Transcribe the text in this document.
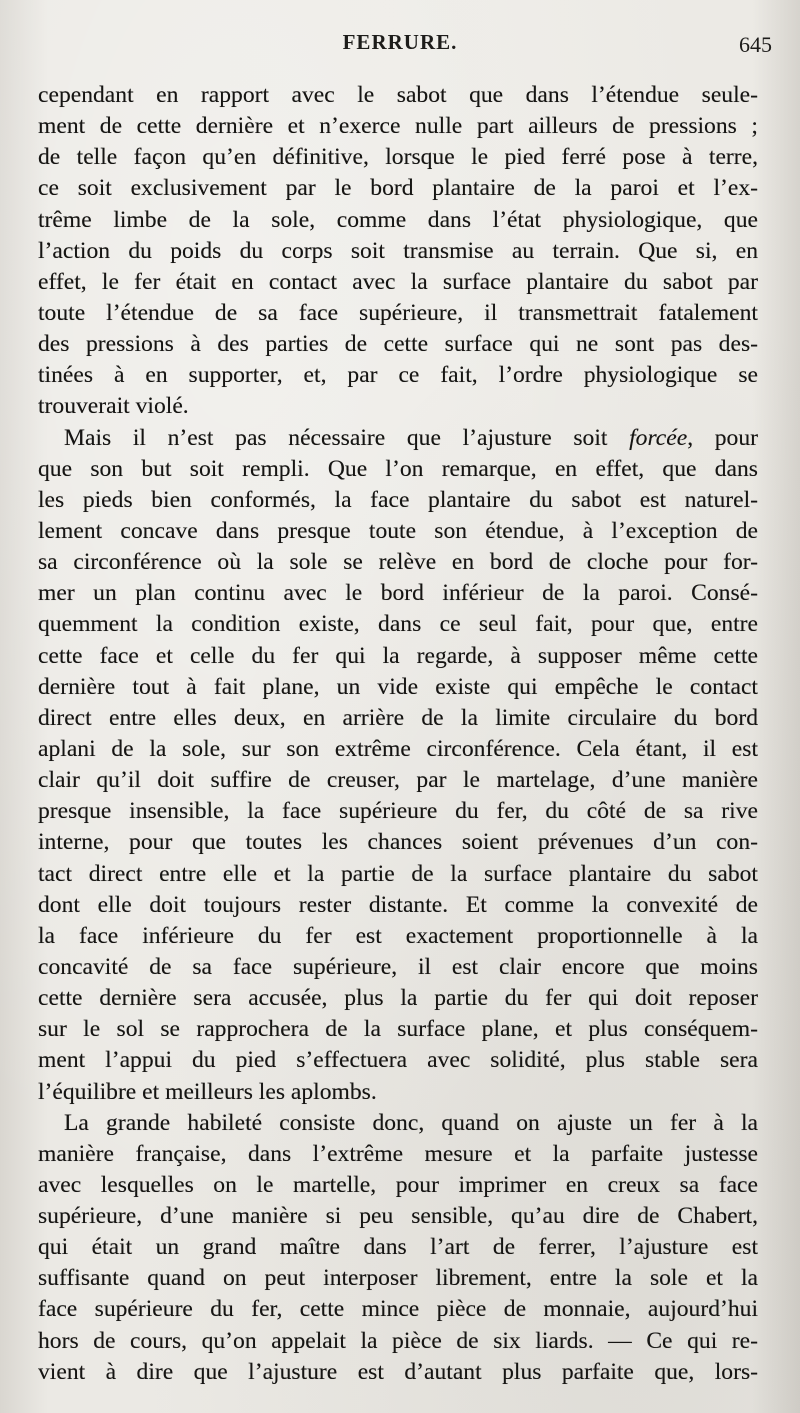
FERRURE.	645
cependant en rapport avec le sabot que dans l’étendue seule-
ment de cette dernière et n’exerce nulle part ailleurs de pressions ;
de telle façon qu’en définitive, lorsque le pied ferré pose à terre,
ce soit exclusivement par le bord plantaire de la paroi et l’ex-
trême limbe de la sole, comme dans l’état physiologique, que
l’action du poids du corps soit transmise au terrain. Que si, en
effet, le fer était en contact avec la surface plantaire du sabot par
toute l’étendue de sa face supérieure, il transmettrait fatalement
des pressions à des parties de cette surface qui ne sont pas des-
tinées à en supporter, et, par ce fait, l’ordre physiologique se
trouverait violé.
Mais il n’est pas nécessaire que l’ajusture soit forcée, pour
que son but soit rempli. Que l’on remarque, en effet, que dans
les pieds bien conformés, la face plantaire du sabot est naturel-
lement concave dans presque toute son étendue, à l’exception de
sa circonférence où la sole se relève en bord de cloche pour for-
mer un plan continu avec le bord inférieur de la paroi. Consé-
quemment la condition existe, dans ce seul fait, pour que, entre
cette face et celle du fer qui la regarde, à supposer même cette
dernière tout à fait plane, un vide existe qui empêche le contact
direct entre elles deux, en arrière de la limite circulaire du bord
aplani de la sole, sur son extrême circonférence. Cela étant, il est
clair qu’il doit suffire de creuser, par le martelage, d’une manière
presque insensible, la face supérieure du fer, du côté de sa rive
interne, pour que toutes les chances soient prévenues d’un con-
tact direct entre elle et la partie de la surface plantaire du sabot
dont elle doit toujours rester distante. Et comme la convexité de
la face inférieure du fer est exactement proportionnelle à la
concavité de sa face supérieure, il est clair encore que moins
cette dernière sera accusée, plus la partie du fer qui doit reposer
sur le sol se rapprochera de la surface plane, et plus conséquem-
ment l’appui du pied s’effectuera avec solidité, plus stable sera
l’équilibre et meilleurs les aplombs.
La grande habileté consiste donc, quand on ajuste un fer à la
manière française, dans l’extrême mesure et la parfaite justesse
avec lesquelles on le martelle, pour imprimer en creux sa face
supérieure, d’une manière si peu sensible, qu’au dire de Chabert,
qui était un grand maître dans l’art de ferrer, l’ajusture est
suffisante quand on peut interposer librement, entre la sole et la
face supérieure du fer, cette mince pièce de monnaie, aujourd’hui
hors de cours, qu’on appelait la pièce de six liards. — Ce qui re-
vient à dire que l’ajusture est d’autant plus parfaite que, lors-
